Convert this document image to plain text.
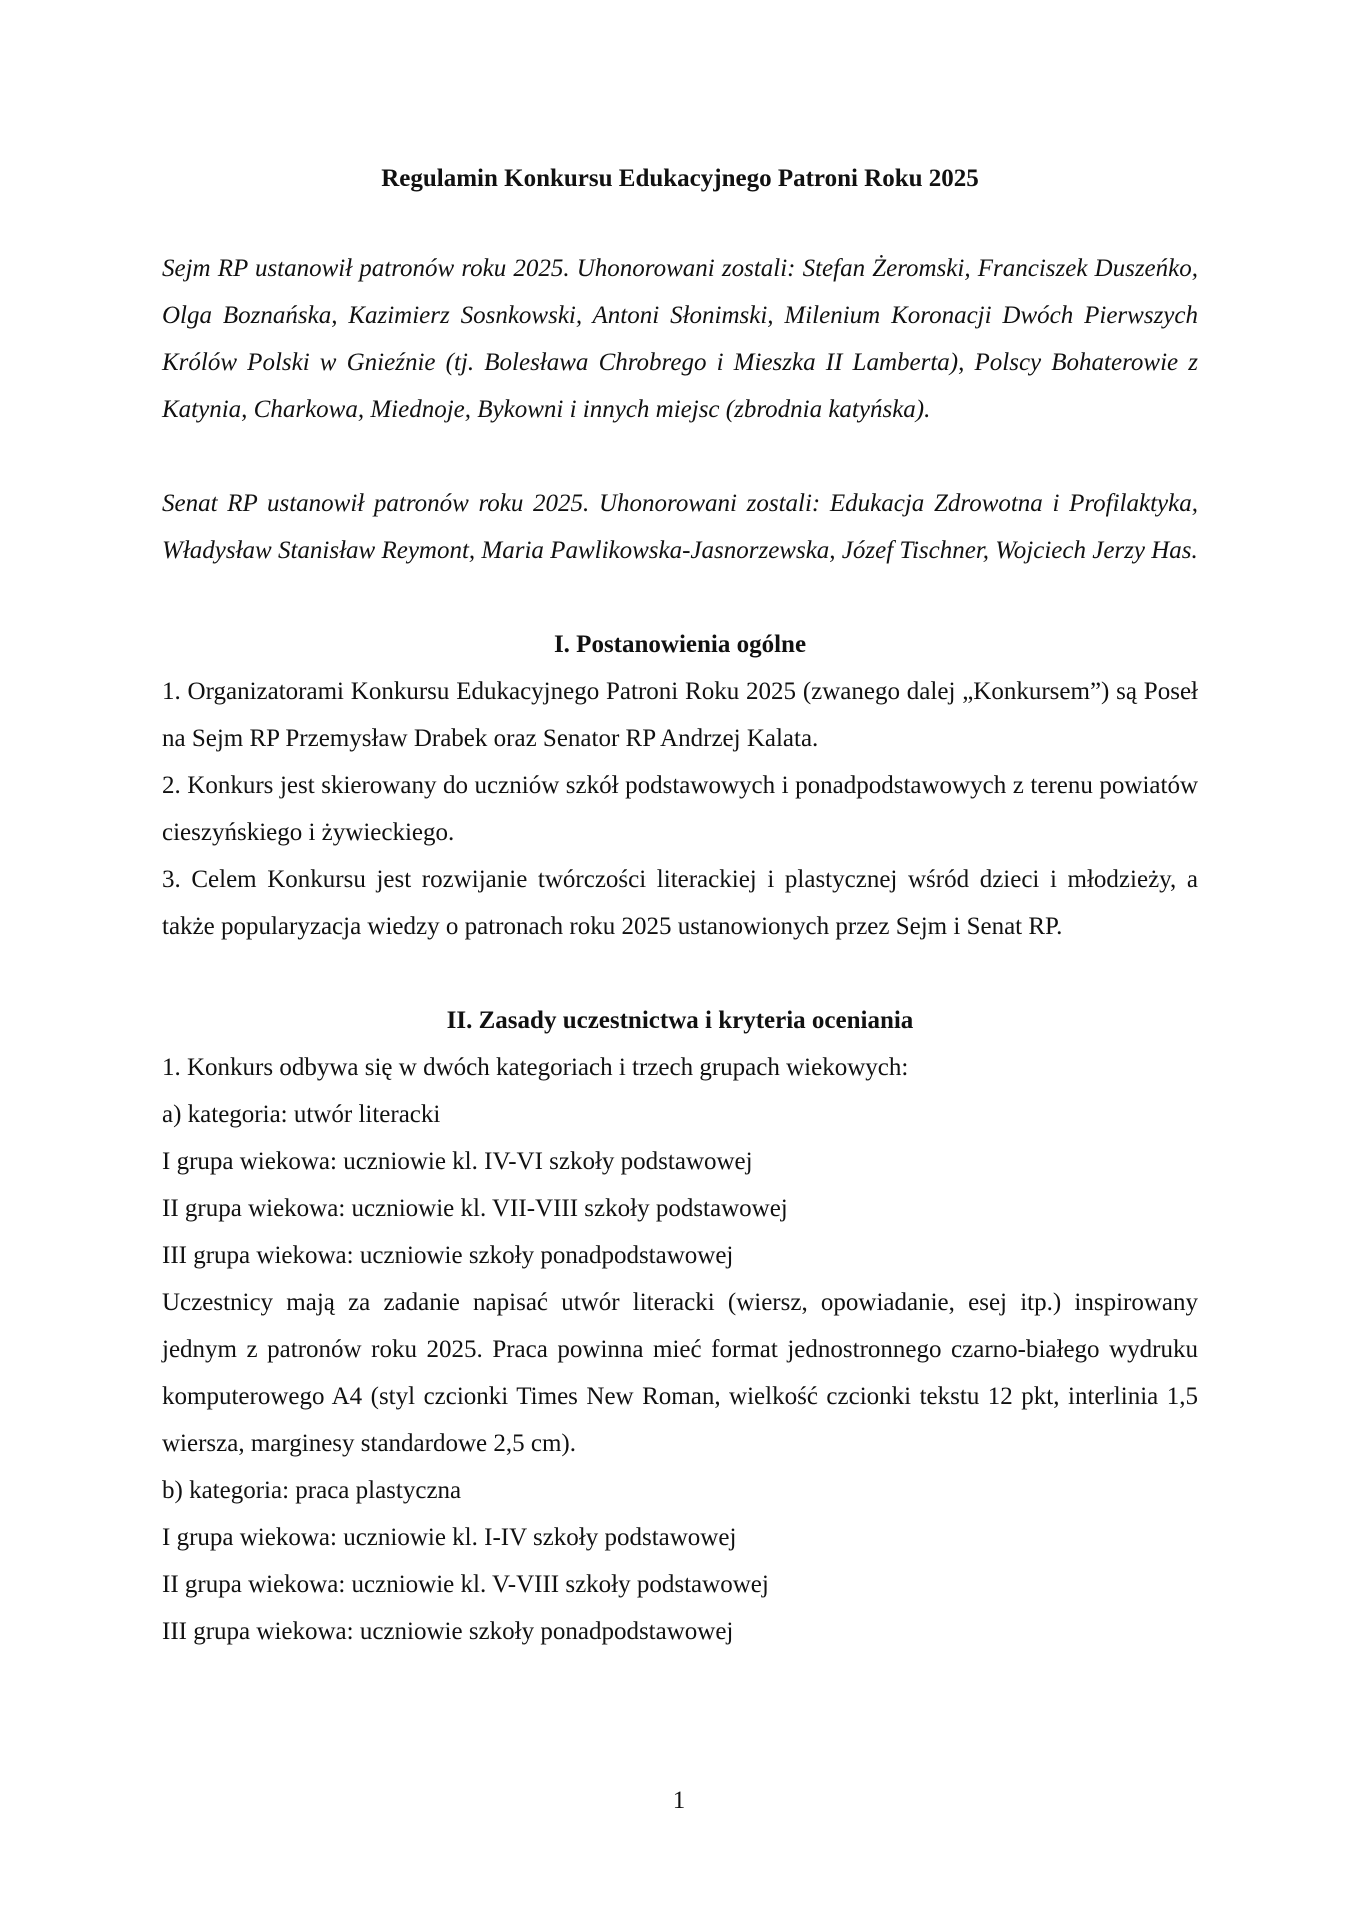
Regulamin Konkursu Edukacyjnego Patroni Roku 2025

Sejm RP ustanowił patronów roku 2025. Uhonorowani zostali: Stefan Żeromski, Franciszek Duszeńko, Olga Boznańska, Kazimierz Sosnkowski, Antoni Słonimski, Milenium Koronacji Dwóch Pierwszych Królów Polski w Gnieźnie (tj. Bolesława Chrobrego i Mieszka II Lamberta), Polscy Bohaterowie z Katynia, Charkowa, Miednoje, Bykowni i innych miejsc (zbrodnia katyńska).

Senat RP ustanowił patronów roku 2025. Uhonorowani zostali: Edukacja Zdrowotna i Profilaktyka, Władysław Stanisław Reymont, Maria Pawlikowska-Jasnorzewska, Józef Tischner, Wojciech Jerzy Has.

I. Postanowienia ogólne

1. Organizatorami Konkursu Edukacyjnego Patroni Roku 2025 (zwanego dalej „Konkursem”) są Poseł na Sejm RP Przemysław Drabek oraz Senator RP Andrzej Kalata.

2. Konkurs jest skierowany do uczniów szkół podstawowych i ponadpodstawowych z terenu powiatów cieszyńskiego i żywieckiego.

3. Celem Konkursu jest rozwijanie twórczości literackiej i plastycznej wśród dzieci i młodzieży, a także popularyzacja wiedzy o patronach roku 2025 ustanowionych przez Sejm i Senat RP.

II. Zasady uczestnictwa i kryteria oceniania

1. Konkurs odbywa się w dwóch kategoriach i trzech grupach wiekowych:

a) kategoria: utwór literacki

I grupa wiekowa: uczniowie kl. IV-VI szkoły podstawowej

II grupa wiekowa: uczniowie kl. VII-VIII szkoły podstawowej

III grupa wiekowa: uczniowie szkoły ponadpodstawowej

Uczestnicy mają za zadanie napisać utwór literacki (wiersz, opowiadanie, esej itp.) inspirowany jednym z patronów roku 2025. Praca powinna mieć format jednostronnego czarno-białego wydruku komputerowego A4 (styl czcionki Times New Roman, wielkość czcionki tekstu 12 pkt, interlinia 1,5 wiersza, marginesy standardowe 2,5 cm).

b) kategoria: praca plastyczna

I grupa wiekowa: uczniowie kl. I-IV szkoły podstawowej

II grupa wiekowa: uczniowie kl. V-VIII szkoły podstawowej

III grupa wiekowa: uczniowie szkoły ponadpodstawowej

1
